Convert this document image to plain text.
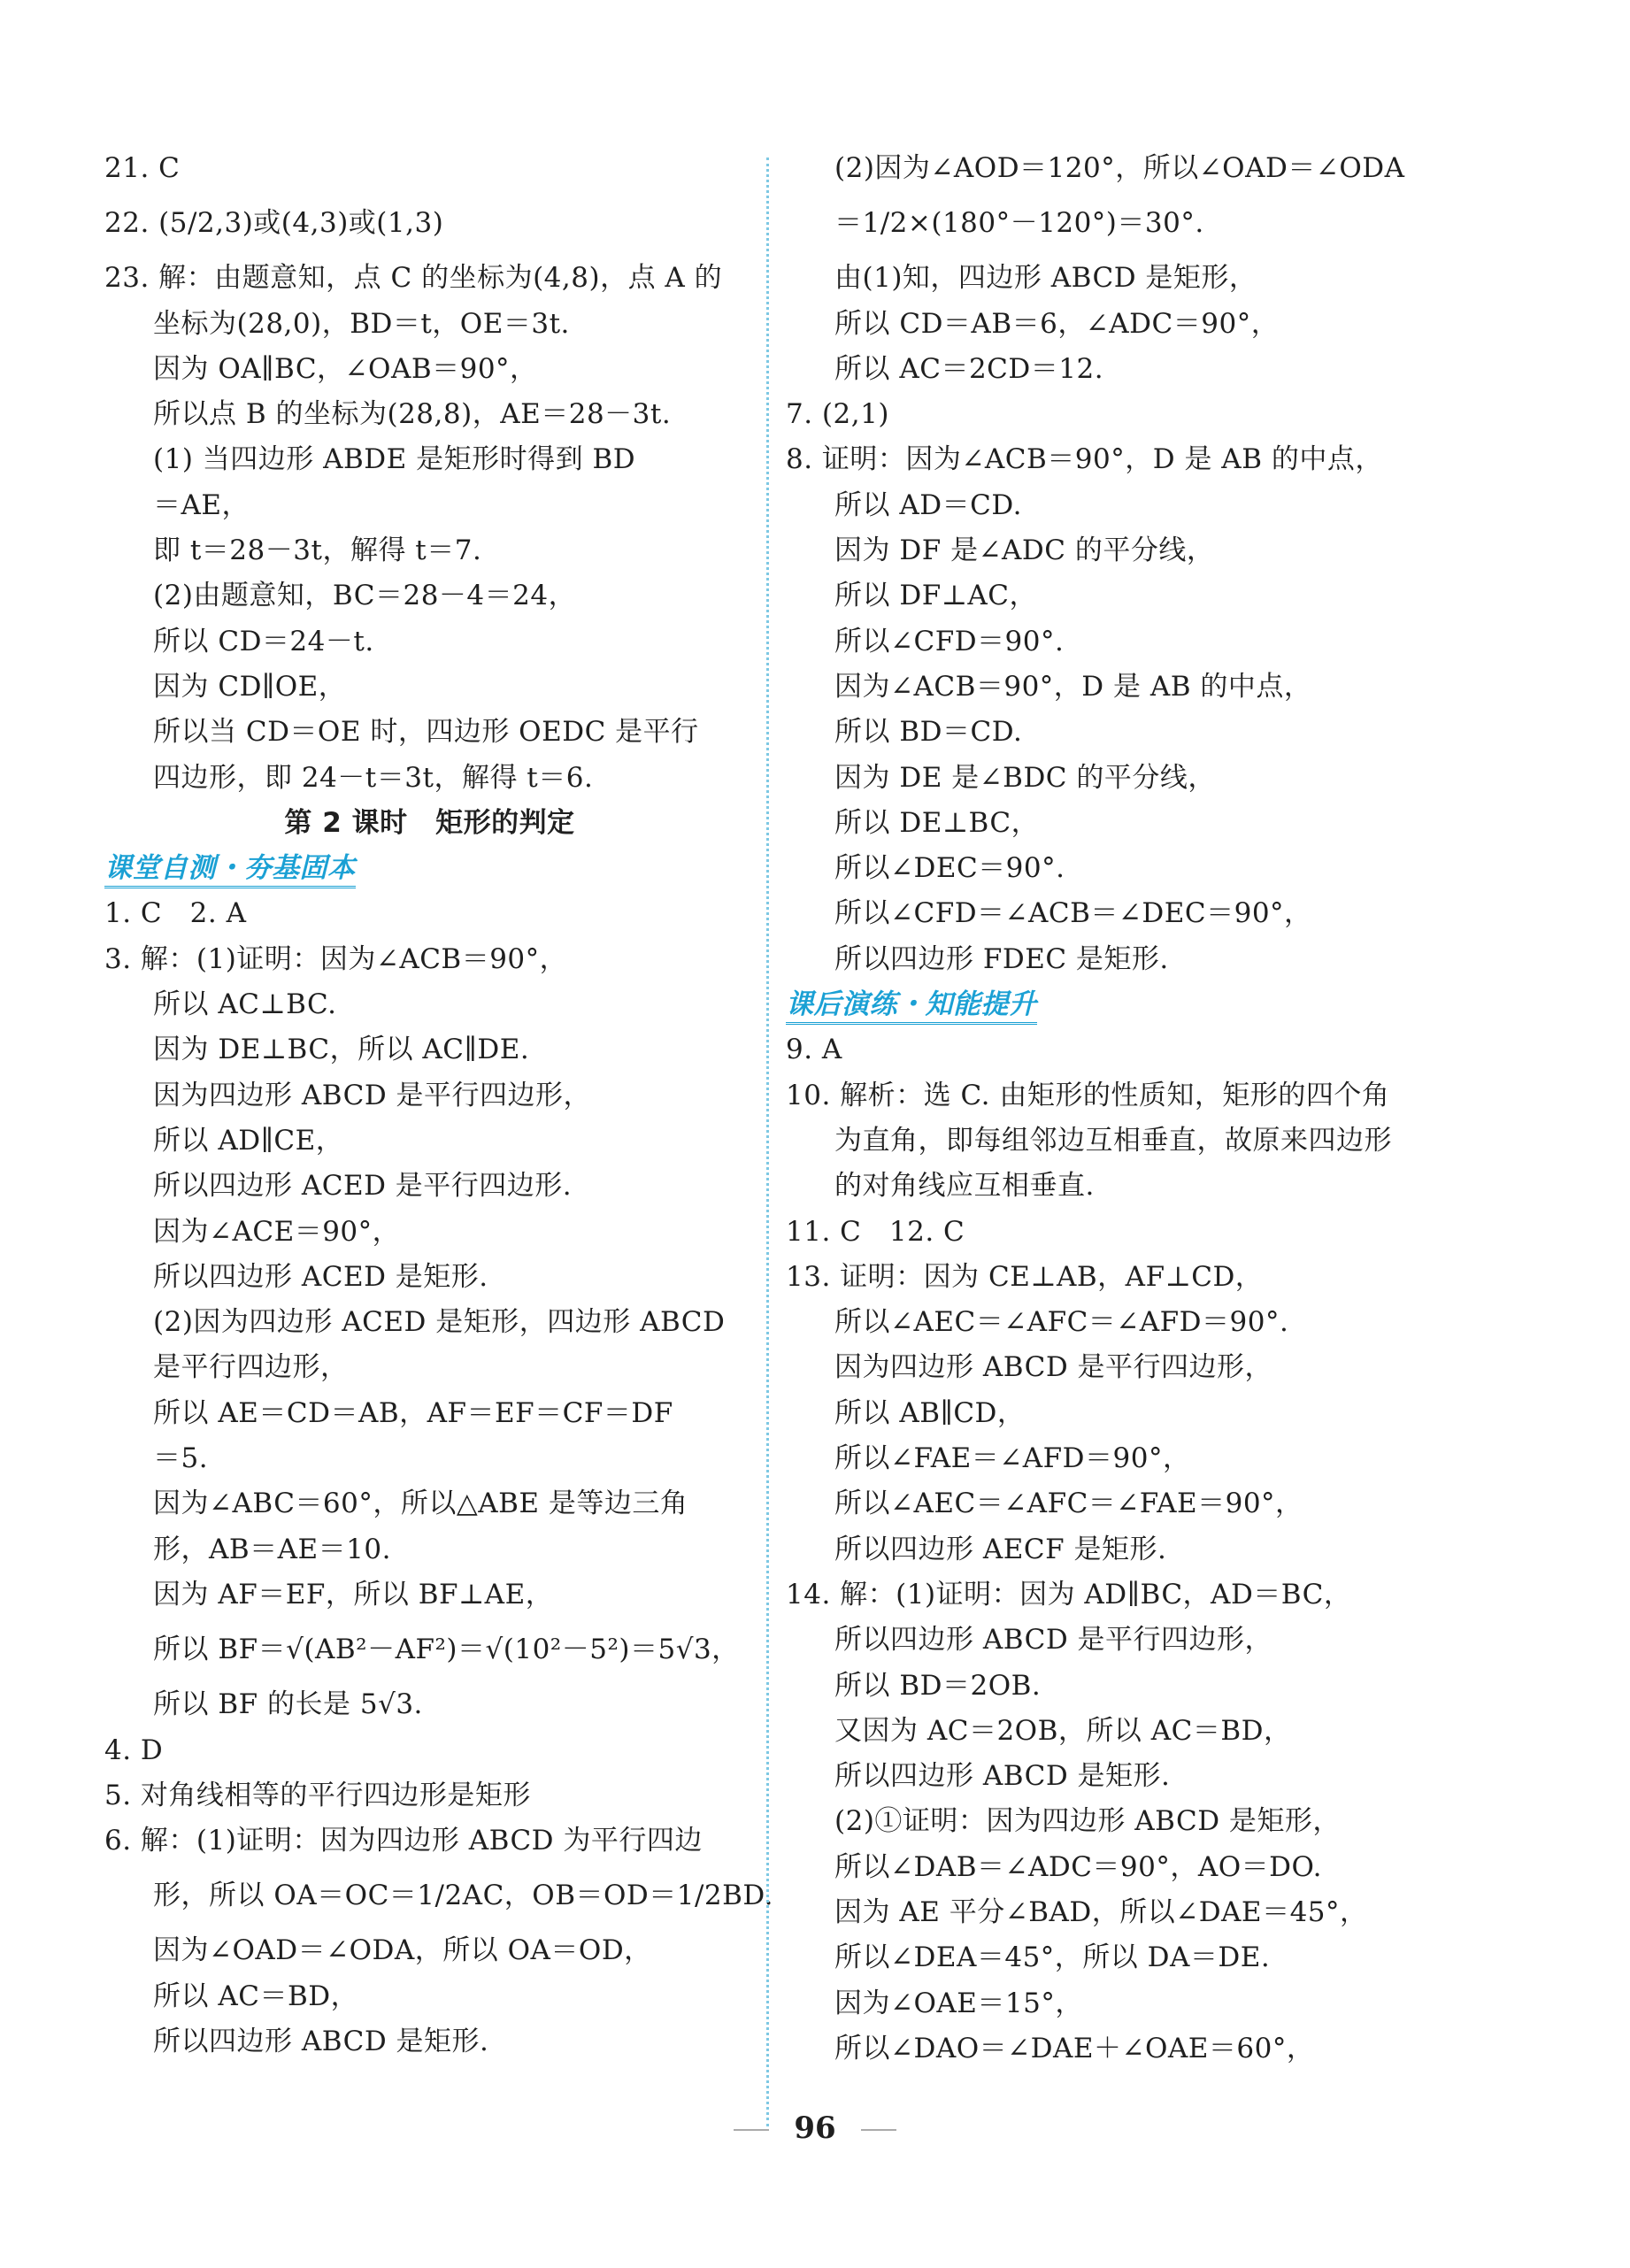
21. C
22. (5/2,3)或(4,3)或(1,3)
23. 解：由题意知，点 C 的坐标为(4,8)，点 A 的
坐标为(28,0)，BD＝t，OE＝3t.
因为 OA∥BC，∠OAB＝90°，
所以点 B 的坐标为(28,8)，AE＝28－3t.
(1) 当四边形 ABDE 是矩形时得到 BD
＝AE，
即 t＝28－3t，解得 t＝7.
(2)由题意知，BC＝28－4＝24，
所以 CD＝24－t.
因为 CD∥OE，
所以当 CD＝OE 时，四边形 OEDC 是平行
四边形，即 24－t＝3t，解得 t＝6.
第 2 课时　矩形的判定
课堂自测・夯基固本
1. C　2. A
3. 解：(1)证明：因为∠ACB＝90°，
所以 AC⊥BC.
因为 DE⊥BC，所以 AC∥DE.
因为四边形 ABCD 是平行四边形，
所以 AD∥CE，
所以四边形 ACED 是平行四边形.
因为∠ACE＝90°，
所以四边形 ACED 是矩形.
(2)因为四边形 ACED 是矩形，四边形 ABCD
是平行四边形，
所以 AE＝CD＝AB，AF＝EF＝CF＝DF
＝5.
因为∠ABC＝60°，所以△ABE 是等边三角
形，AB＝AE＝10.
因为 AF＝EF，所以 BF⊥AE，
所以 BF＝√(AB²－AF²)＝√(10²－5²)＝5√3，
所以 BF 的长是 5√3.
4. D
5. 对角线相等的平行四边形是矩形
6. 解：(1)证明：因为四边形 ABCD 为平行四边
形，所以 OA＝OC＝1/2AC，OB＝OD＝1/2BD.
因为∠OAD＝∠ODA，所以 OA＝OD，
所以 AC＝BD，
所以四边形 ABCD 是矩形.
(2)因为∠AOD＝120°，所以∠OAD＝∠ODA
＝1/2×(180°－120°)＝30°.
由(1)知，四边形 ABCD 是矩形，
所以 CD＝AB＝6，∠ADC＝90°，
所以 AC＝2CD＝12.
7. (2,1)
8. 证明：因为∠ACB＝90°，D 是 AB 的中点，
所以 AD＝CD.
因为 DF 是∠ADC 的平分线，
所以 DF⊥AC，
所以∠CFD＝90°.
因为∠ACB＝90°，D 是 AB 的中点，
所以 BD＝CD.
因为 DE 是∠BDC 的平分线，
所以 DE⊥BC，
所以∠DEC＝90°.
所以∠CFD＝∠ACB＝∠DEC＝90°，
所以四边形 FDEC 是矩形.
课后演练・知能提升
9. A
10. 解析：选 C. 由矩形的性质知，矩形的四个角
为直角，即每组邻边互相垂直，故原来四边形
的对角线应互相垂直.
11. C　12. C
13. 证明：因为 CE⊥AB，AF⊥CD，
所以∠AEC＝∠AFC＝∠AFD＝90°.
因为四边形 ABCD 是平行四边形，
所以 AB∥CD，
所以∠FAE＝∠AFD＝90°，
所以∠AEC＝∠AFC＝∠FAE＝90°，
所以四边形 AECF 是矩形.
14. 解：(1)证明：因为 AD∥BC，AD＝BC，
所以四边形 ABCD 是平行四边形，
所以 BD＝2OB.
又因为 AC＝2OB，所以 AC＝BD，
所以四边形 ABCD 是矩形.
(2)①证明：因为四边形 ABCD 是矩形，
所以∠DAB＝∠ADC＝90°，AO＝DO.
因为 AE 平分∠BAD，所以∠DAE＝45°，
所以∠DEA＝45°，所以 DA＝DE.
因为∠OAE＝15°，
所以∠DAO＝∠DAE＋∠OAE＝60°，
96
